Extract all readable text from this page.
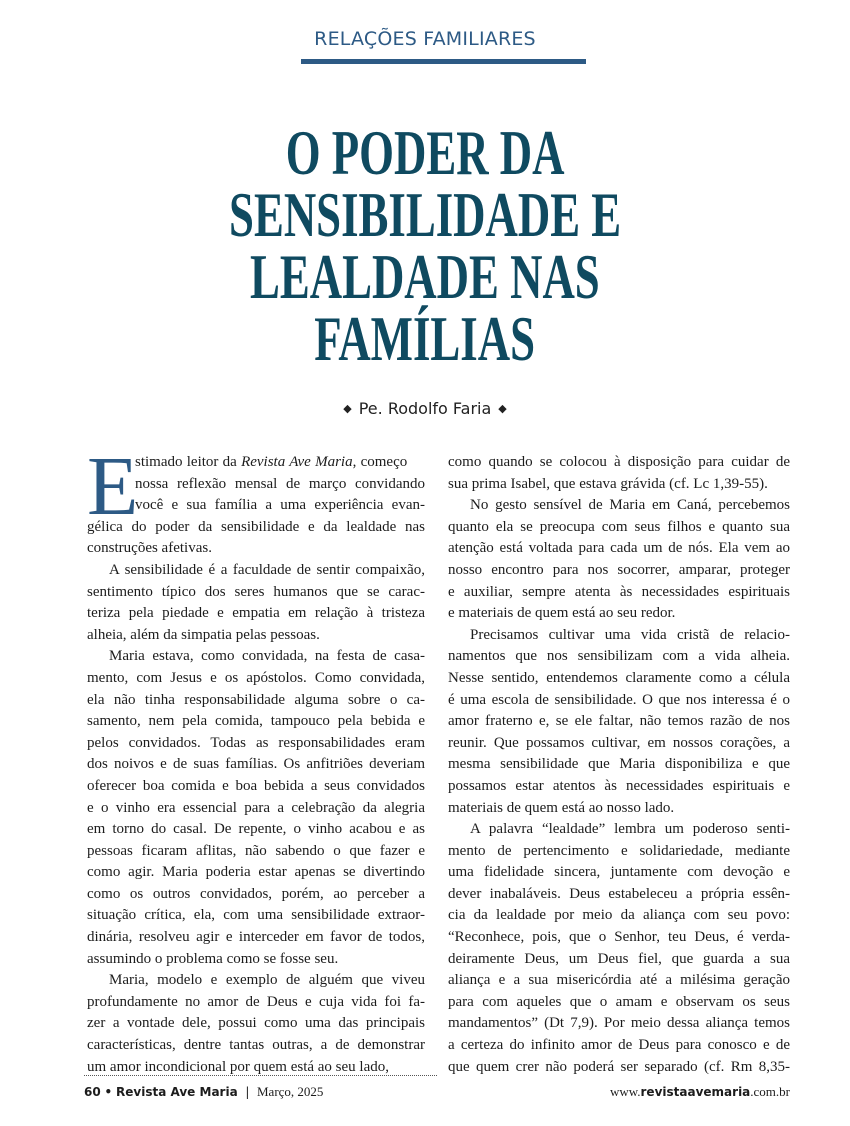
RELAÇÕES FAMILIARES
O PODER DA
SENSIBILIDADE E
LEALDADE NAS
FAMÍLIAS
◆ Pe. Rodolfo Faria ◆
E
stimado leitor da Revista Ave Maria, começo
nossa reflexão mensal de março convidando
você e sua família a uma experiência evan-
gélica do poder da sensibilidade e da lealdade nas
construções afetivas.
A sensibilidade é a faculdade de sentir compaixão,
sentimento típico dos seres humanos que se carac-
teriza pela piedade e empatia em relação à tristeza
alheia, além da simpatia pelas pessoas.
Maria estava, como convidada, na festa de casa-
mento, com Jesus e os apóstolos. Como convidada,
ela não tinha responsabilidade alguma sobre o ca-
samento, nem pela comida, tampouco pela bebida e
pelos convidados. Todas as responsabilidades eram
dos noivos e de suas famílias. Os anfitriões deveriam
oferecer boa comida e boa bebida a seus convidados
e o vinho era essencial para a celebração da alegria
em torno do casal. De repente, o vinho acabou e as
pessoas ficaram aflitas, não sabendo o que fazer e
como agir. Maria poderia estar apenas se divertindo
como os outros convidados, porém, ao perceber a
situação crítica, ela, com uma sensibilidade extraor-
dinária, resolveu agir e interceder em favor de todos,
assumindo o problema como se fosse seu.
Maria, modelo e exemplo de alguém que viveu
profundamente no amor de Deus e cuja vida foi fa-
zer a vontade dele, possui como uma das principais
características, dentre tantas outras, a de demonstrar
um amor incondicional por quem está ao seu lado,
como quando se colocou à disposição para cuidar de
sua prima Isabel, que estava grávida (cf. Lc 1,39-55).
No gesto sensível de Maria em Caná, percebemos
quanto ela se preocupa com seus filhos e quanto sua
atenção está voltada para cada um de nós. Ela vem ao
nosso encontro para nos socorrer, amparar, proteger
e auxiliar, sempre atenta às necessidades espirituais
e materiais de quem está ao seu redor.
Precisamos cultivar uma vida cristã de relacio-
namentos que nos sensibilizam com a vida alheia.
Nesse sentido, entendemos claramente como a célula
é uma escola de sensibilidade. O que nos interessa é o
amor fraterno e, se ele faltar, não temos razão de nos
reunir. Que possamos cultivar, em nossos corações, a
mesma sensibilidade que Maria disponibiliza e que
possamos estar atentos às necessidades espirituais e
materiais de quem está ao nosso lado.
A palavra “lealdade” lembra um poderoso senti-
mento de pertencimento e solidariedade, mediante
uma fidelidade sincera, juntamente com devoção e
dever inabaláveis. Deus estabeleceu a própria essên-
cia da lealdade por meio da aliança com seu povo:
“Reconhece, pois, que o Senhor, teu Deus, é verda-
deiramente Deus, um Deus fiel, que guarda a sua
aliança e a sua misericórdia até a milésima geração
para com aqueles que o amam e observam os seus
mandamentos” (Dt 7,9). Por meio dessa aliança temos
a certeza do infinito amor de Deus para conosco e de
que quem crer não poderá ser separado (cf. Rm 8,35-
60 • Revista Ave Maria | Março, 2025	www.revistaavemaria.com.br
